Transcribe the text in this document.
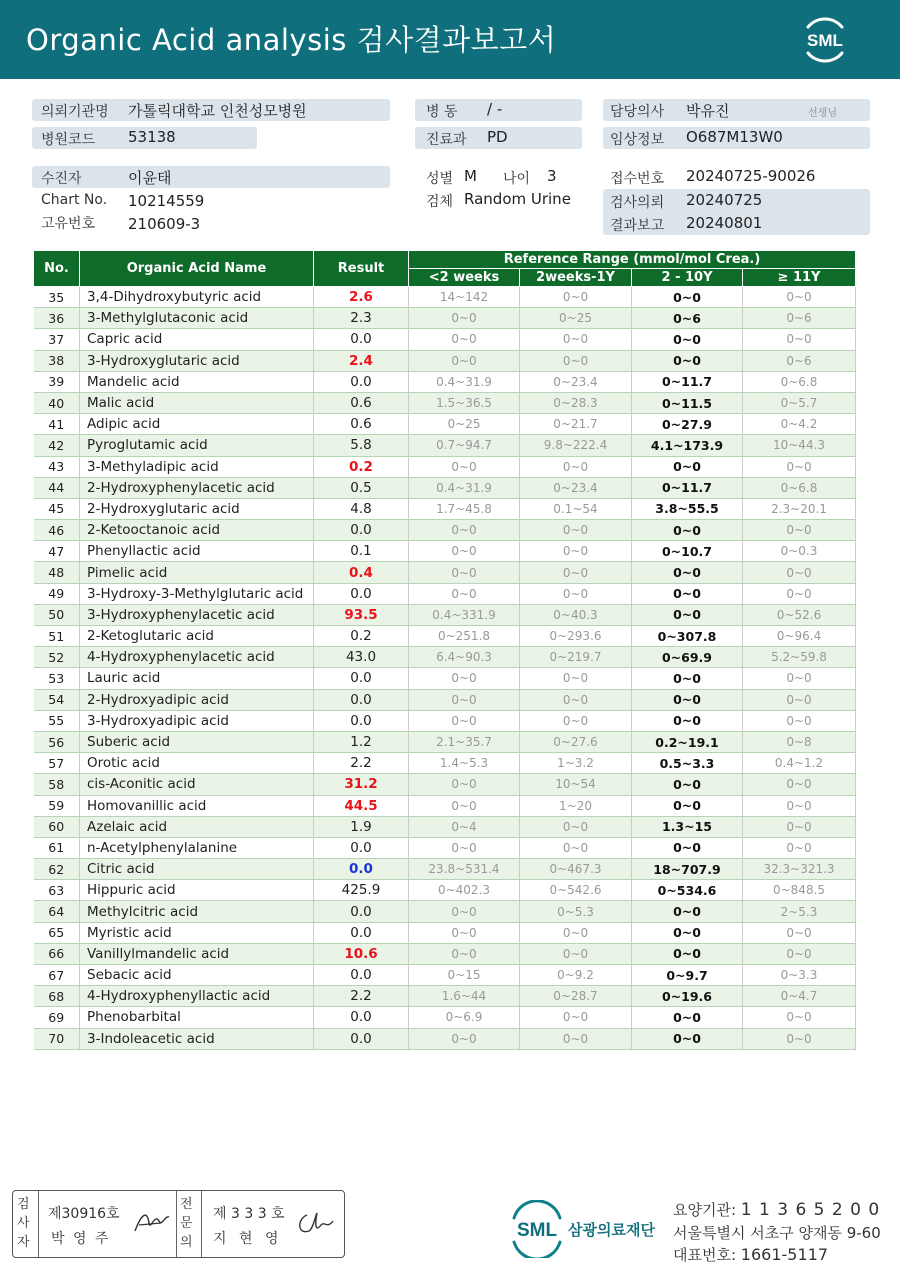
Organic Acid analysis 검사결과보고서	SML
의뢰기관명 가톨릭대학교 인천성모병원
병원코드 53138
병 동 / -
진료과 PD
담당의사 박유진	선생님
임상정보 O687M13W0
수진자	이윤태
Chart No. 10214559
고유번호 210609-3
성별 M 나이 3
검체 Random Urine
접수번호 20240725-90026
검사의뢰 20240725
결과보고 20240801
No.	Organic Acid Name	Result	Reference Range (mmol/mol Crea.)			
			<2 weeks	2weeks-1Y	2 - 10Y	≥ 11Y
35	3,4-Dihydroxybutyric acid	2.6	14~142	0~0	0~0	0~0
36	3-Methylglutaconic acid	2.3	0~0	0~25	0~6	0~6
37	Capric acid	0.0	0~0	0~0	0~0	0~0
38	3-Hydroxyglutaric acid	2.4	0~0	0~0	0~0	0~6
39	Mandelic acid	0.0	0.4~31.9	0~23.4	0~11.7	0~6.8
40	Malic acid	0.6	1.5~36.5	0~28.3	0~11.5	0~5.7
41	Adipic acid	0.6	0~25	0~21.7	0~27.9	0~4.2
42	Pyroglutamic acid	5.8	0.7~94.7	9.8~222.4	4.1~173.9	10~44.3
43	3-Methyladipic acid	0.2	0~0	0~0	0~0	0~0
44	2-Hydroxyphenylacetic acid	0.5	0.4~31.9	0~23.4	0~11.7	0~6.8
45	2-Hydroxyglutaric acid	4.8	1.7~45.8	0.1~54	3.8~55.5	2.3~20.1
46	2-Ketooctanoic acid	0.0	0~0	0~0	0~0	0~0
47	Phenyllactic acid	0.1	0~0	0~0	0~10.7	0~0.3
48	Pimelic acid	0.4	0~0	0~0	0~0	0~0
49	3-Hydroxy-3-Methylglutaric acid	0.0	0~0	0~0	0~0	0~0
50	3-Hydroxyphenylacetic acid	93.5	0.4~331.9	0~40.3	0~0	0~52.6
51	2-Ketoglutaric acid	0.2	0~251.8	0~293.6	0~307.8	0~96.4
52	4-Hydroxyphenylacetic acid	43.0	6.4~90.3	0~219.7	0~69.9	5.2~59.8
53	Lauric acid	0.0	0~0	0~0	0~0	0~0
54	2-Hydroxyadipic acid	0.0	0~0	0~0	0~0	0~0
55	3-Hydroxyadipic acid	0.0	0~0	0~0	0~0	0~0
56	Suberic acid	1.2	2.1~35.7	0~27.6	0.2~19.1	0~8
57	Orotic acid	2.2	1.4~5.3	1~3.2	0.5~3.3	0.4~1.2
58	cis-Aconitic acid	31.2	0~0	10~54	0~0	0~0
59	Homovanillic acid	44.5	0~0	1~20	0~0	0~0
60	Azelaic acid	1.9	0~4	0~0	1.3~15	0~0
61	n-Acetylphenylalanine	0.0	0~0	0~0	0~0	0~0
62	Citric acid	0.0	23.8~531.4	0~467.3	18~707.9	32.3~321.3
63	Hippuric acid	425.9	0~402.3	0~542.6	0~534.6	0~848.5
64	Methylcitric acid	0.0	0~0	0~5.3	0~0	2~5.3
65	Myristic acid	0.0	0~0	0~0	0~0	0~0
66	Vanillylmandelic acid	10.6	0~0	0~0	0~0	0~0
67	Sebacic acid	0.0	0~15	0~9.2	0~9.7	0~3.3
68	4-Hydroxyphenyllactic acid	2.2	1.6~44	0~28.7	0~19.6	0~4.7
69	Phenobarbital	0.0	0~6.9	0~0	0~0	0~0
70	3-Indoleacetic acid	0.0	0~0	0~0	0~0	0~0
검사자
제30916호
박 영 주
전문의
제 3 3 3 호
지 현 영	SML 삼광의료재단
요양기관: 1 1 3 6 5 2 0 0
서울특별시 서초구 양재동 9-60
대표번호: 1661-5117
